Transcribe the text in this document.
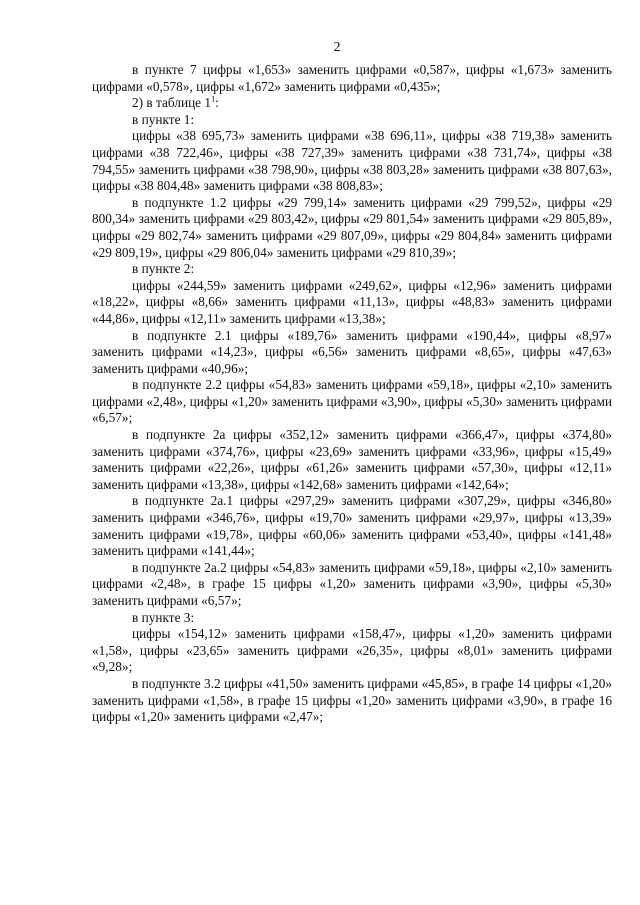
2

в пункте 7 цифры «1,653» заменить цифрами «0,587», цифры «1,673» заменить цифрами «0,578», цифры «1,672» заменить цифрами «0,435»;

2) в таблице $1^1$:

в пункте 1:

цифры «38 695,73» заменить цифрами «38 696,11», цифры «38 719,38» заменить цифрами «38 722,46», цифры «38 727,39» заменить цифрами «38 731,74», цифры «38 794,55» заменить цифрами «38 798,90», цифры «38 803,28» заменить цифрами «38 807,63», цифры «38 804,48» заменить цифрами «38 808,83»;

в подпункте 1.2 цифры «29 799,14» заменить цифрами «29 799,52», цифры «29 800,34» заменить цифрами «29 803,42», цифры «29 801,54» заменить цифрами «29 805,89», цифры «29 802,74» заменить цифрами «29 807,09», цифры «29 804,84» заменить цифрами «29 809,19», цифры «29 806,04» заменить цифрами «29 810,39»;

в пункте 2:

цифры «244,59» заменить цифрами «249,62», цифры «12,96» заменить цифрами «18,22», цифры «8,66» заменить цифрами «11,13», цифры «48,83» заменить цифрами «44,86», цифры «12,11» заменить цифрами «13,38»;

в подпункте 2.1 цифры «189,76» заменить цифрами «190,44», цифры «8,97» заменить цифрами «14,23», цифры «6,56» заменить цифрами «8,65», цифры «47,63» заменить цифрами «40,96»;

в подпункте 2.2 цифры «54,83» заменить цифрами «59,18», цифры «2,10» заменить цифрами «2,48», цифры «1,20» заменить цифрами «3,90», цифры «5,30» заменить цифрами «6,57»;

в подпункте 2а цифры «352,12» заменить цифрами «366,47», цифры «374,80» заменить цифрами «374,76», цифры «23,69» заменить цифрами «33,96», цифры «15,49» заменить цифрами «22,26», цифры «61,26» заменить цифрами «57,30», цифры «12,11» заменить цифрами «13,38», цифры «142,68» заменить цифрами «142,64»;

в подпункте 2а.1 цифры «297,29» заменить цифрами «307,29», цифры «346,80» заменить цифрами «346,76», цифры «19,70» заменить цифрами «29,97», цифры «13,39» заменить цифрами «19,78», цифры «60,06» заменить цифрами «53,40», цифры «141,48» заменить цифрами «141,44»;

в подпункте 2а.2 цифры «54,83» заменить цифрами «59,18», цифры «2,10» заменить цифрами «2,48», в графе 15 цифры «1,20» заменить цифрами «3,90», цифры «5,30» заменить цифрами «6,57»;

в пункте 3:

цифры «154,12» заменить цифрами «158,47», цифры «1,20» заменить цифрами «1,58», цифры «23,65» заменить цифрами «26,35», цифры «8,01» заменить цифрами «9,28»;

в подпункте 3.2 цифры «41,50» заменить цифрами «45,85», в графе 14 цифры «1,20» заменить цифрами «1,58», в графе 15 цифры «1,20» заменить цифрами «3,90», в графе 16 цифры «1,20» заменить цифрами «2,47»;
